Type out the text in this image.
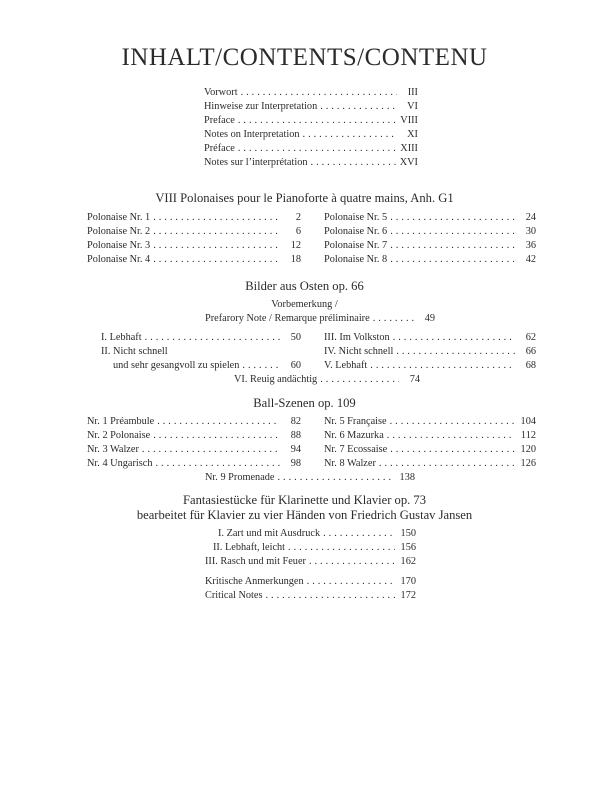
INHALT/CONTENTS/CONTENU
Vorwort . . .	III
Hinweise zur Interpretation . . .	VI
Preface . . .	VIII
Notes on Interpretation . . .	XI
Préface . . .	XIII
Notes sur l’interprétation . . .	XVI
VIII Polonaises pour le Pianoforte à quatre mains, Anh. G1
Polonaise Nr. 1 . . .	2
Polonaise Nr. 2 . . .	6
Polonaise Nr. 3 . . .	12
Polonaise Nr. 4 . . .	18
Polonaise Nr. 5 . . .	24
Polonaise Nr. 6 . . .	30
Polonaise Nr. 7 . . .	36
Polonaise Nr. 8 . . .	42
Bilder aus Osten op. 66
Vorbemerkung /
Prefarory Note / Remarque préliminaire . . .	49
I. Lebhaft . . .	50
II. Nicht schnell
und sehr gesangvoll zu spielen . . .	60
III. Im Volkston . . .	62
IV. Nicht schnell . . .	66
V. Lebhaft . . .	68
VI. Reuig andächtig . . .	74
Ball-Szenen op. 109
Nr. 1 Préambule . . .	82
Nr. 2 Polonaise . . .	88
Nr. 3 Walzer . . .	94
Nr. 4 Ungarisch . . .	98
Nr. 5 Française . . .	104
Nr. 6 Mazurka . . .	112
Nr. 7 Ecossaise . . .	120
Nr. 8 Walzer . . .	126
Nr. 9 Promenade . . .	138
Fantasiestücke für Klarinette und Klavier op. 73
bearbeitet für Klavier zu vier Händen von Friedrich Gustav Jansen
I. Zart und mit Ausdruck . . .	150
II. Lebhaft, leicht . . .	156
III. Rasch und mit Feuer . . .	162
Kritische Anmerkungen . . .	170
Critical Notes . . .	172
